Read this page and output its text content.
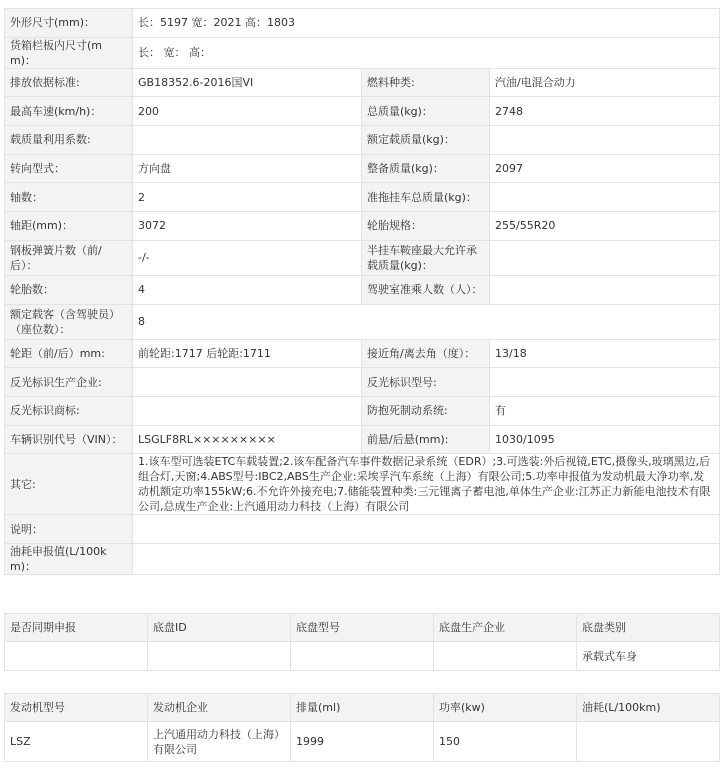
外形尺寸(mm)：	长：5197 宽：2021 高：1803		
货箱栏板内尺寸(mm)：	长： 宽： 高：		
排放依据标准:	GB18352.6-2016国VI	燃料种类:	汽油/电混合动力
最高车速(km/h)：	200	总质量(kg)：	2748
载质量利用系数:		额定载质量(kg)：	
转向型式：	方向盘	整备质量(kg)：	2097
轴数：	2	准拖挂车总质量(kg)：	
轴距(mm)：	3072	轮胎规格：	255/55R20
钢板弹簧片数（前/后）：	-/-	半挂车鞍座最大允许承载质量(kg)：	
轮胎数：	4	驾驶室准乘人数（人）：	
额定载客（含驾驶员）（座位数）：	8		
轮距（前/后）mm:	前轮距:1717 后轮距:1711	接近角/离去角（度）：	13/18
反光标识生产企业:		反光标识型号:	
反光标识商标:		防抱死制动系统:	有
车辆识别代号（VIN）：	LSGLF8RL×××××××××	前悬/后悬(mm):	1030/1095
其它:	1.该车型可选装ETC车载装置;2.该车配备汽车事件数据记录系统（EDR）;3.可选装:外后视镜,ETC,摄像头,玻璃黑边,后组合灯,天窗;4.ABS型号:IBC2,ABS生产企业:采埃孚汽车系统（上海）有限公司;5.功率申报值为发动机最大净功率,发动机额定功率155kW;6.不允许外接充电;7.储能装置种类:三元锂离子蓄电池,单体生产企业:江苏正力新能电池技术有限公司,总成生产企业:上汽通用动力科技（上海）有限公司		
说明：			
油耗申报值(L/100km)：			
是否同期申报	底盘ID	底盘型号	底盘生产企业	底盘类别
				承载式车身
发动机型号	发动机企业	排量(ml)	功率(kw)	油耗(L/100km)
LSZ	上汽通用动力科技（上海）有限公司	1999	150	
